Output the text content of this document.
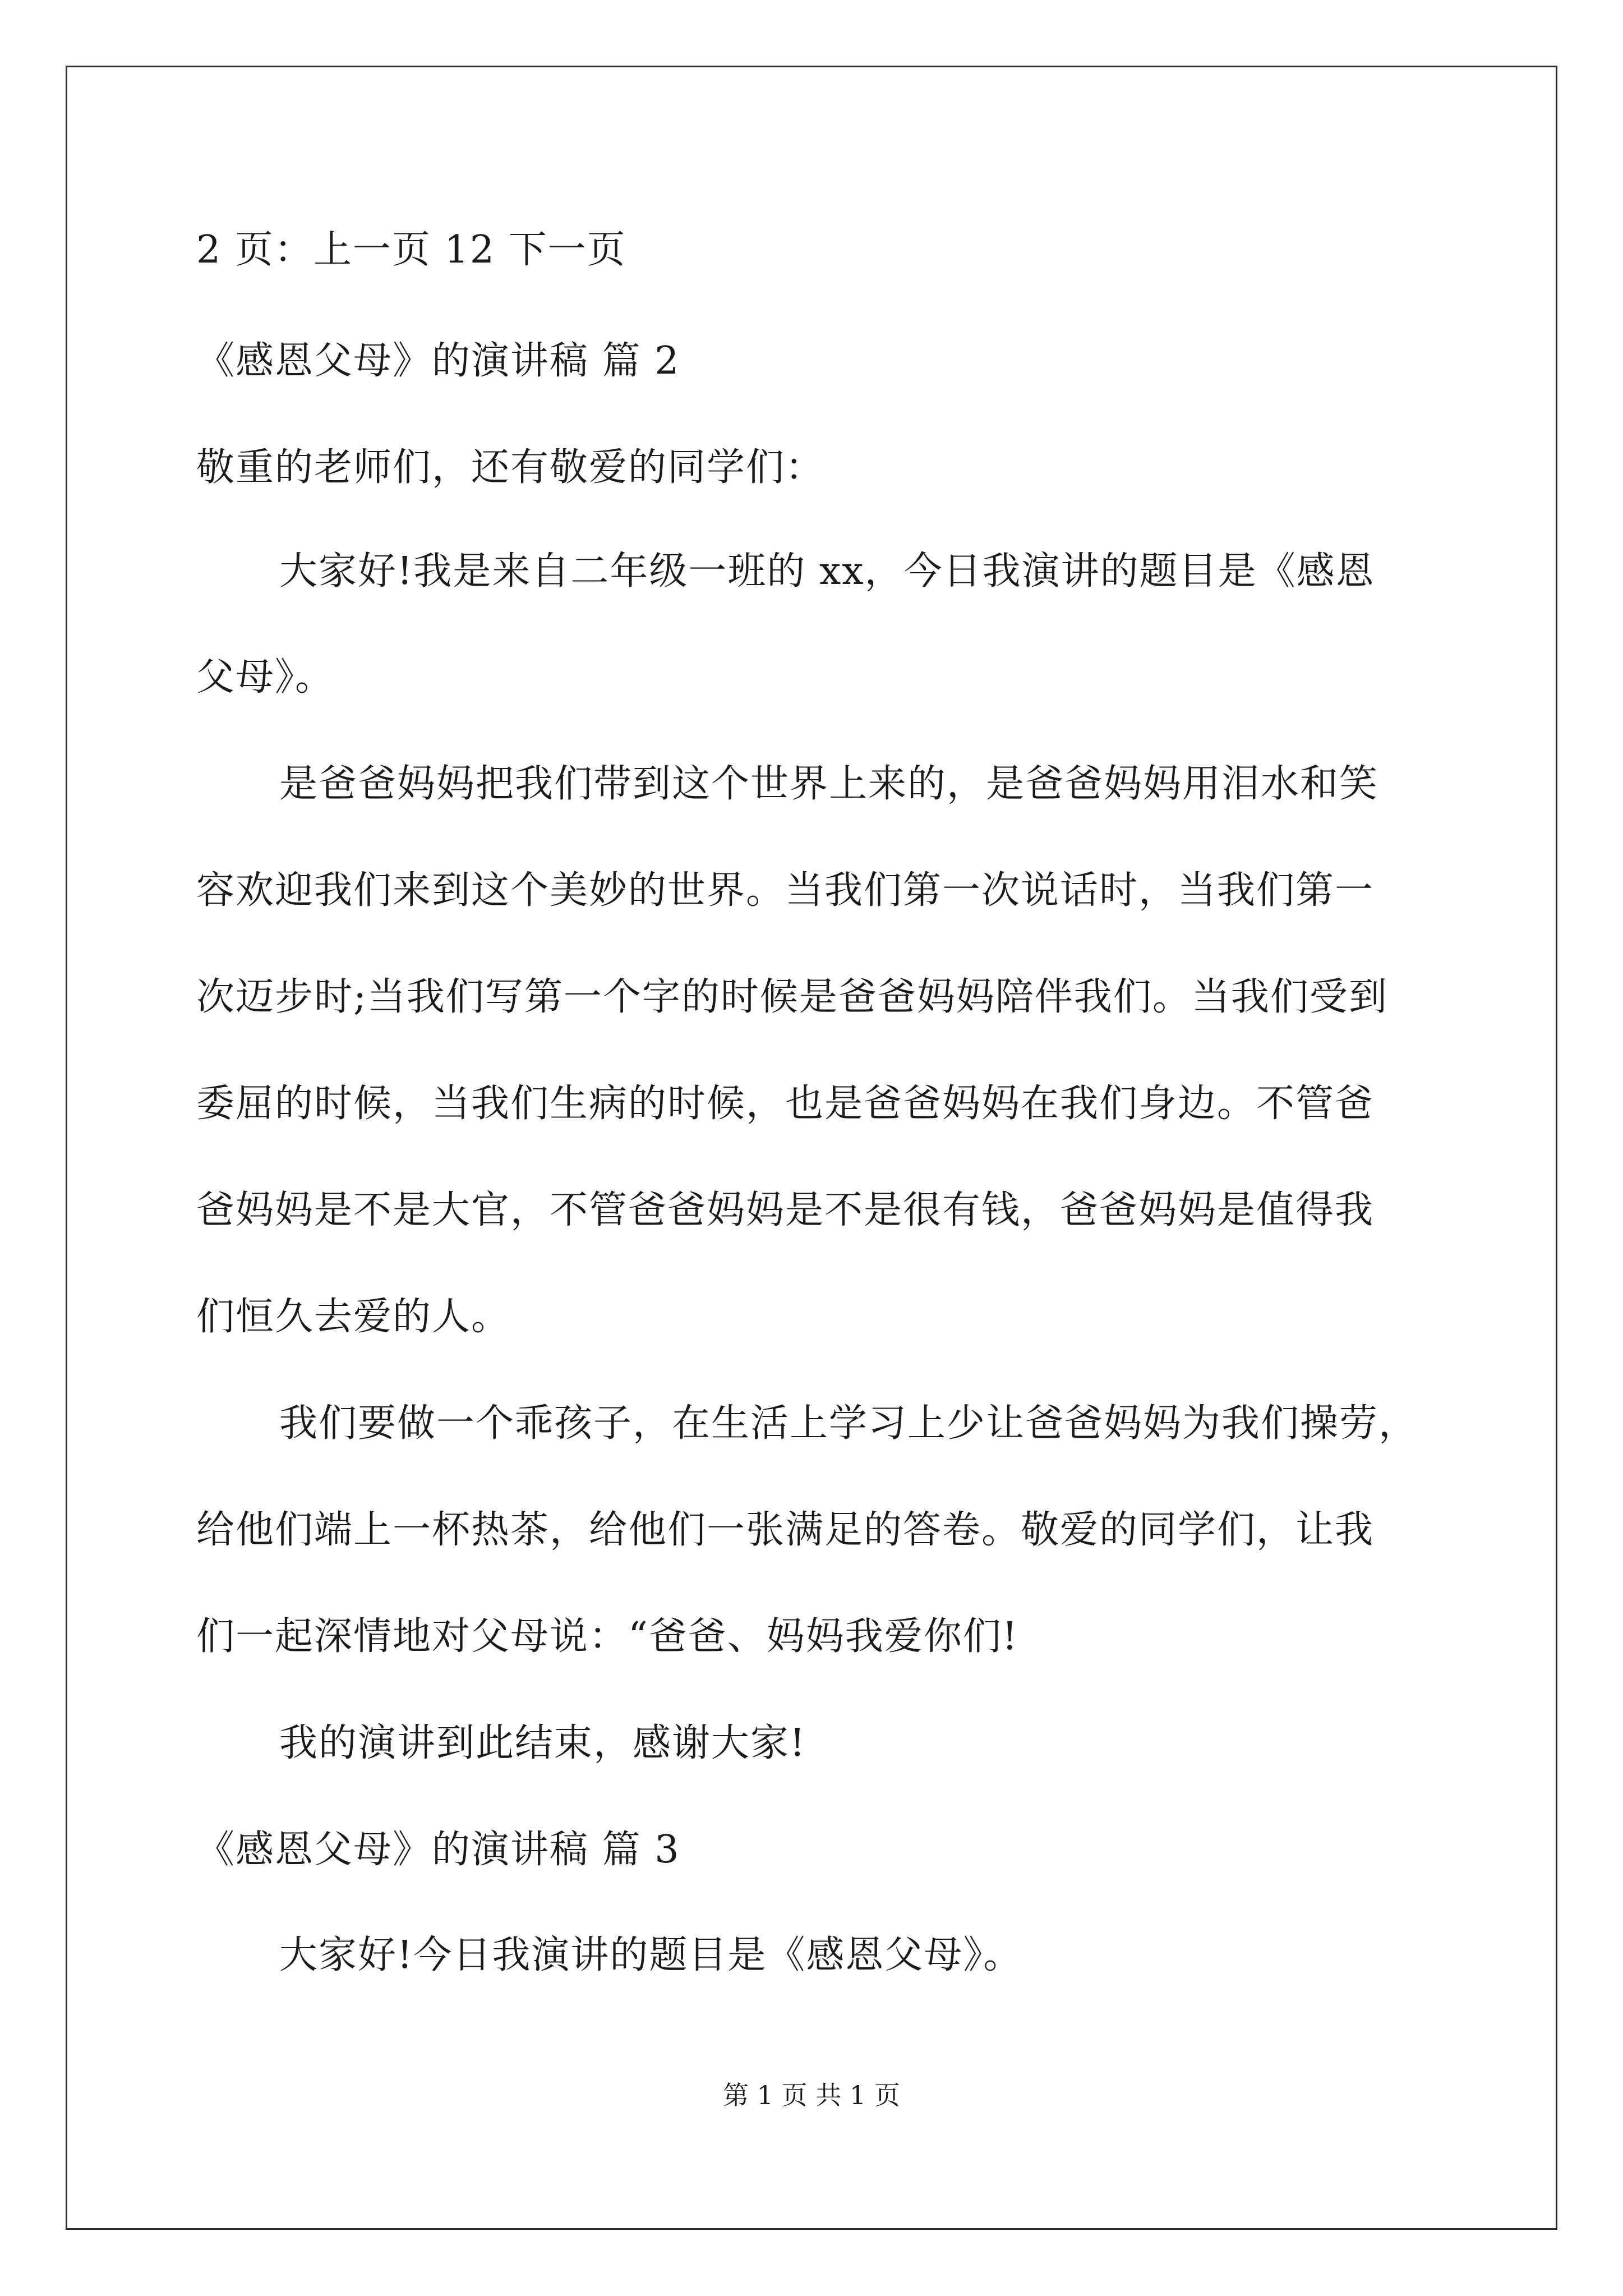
2 页：上一页 12 下一页
《感恩父母》的演讲稿 篇 2
敬重的老师们，还有敬爱的同学们：
大家好!我是来自二年级一班的 xx，今日我演讲的题目是《感恩
父母》。
是爸爸妈妈把我们带到这个世界上来的，是爸爸妈妈用泪水和笑
容欢迎我们来到这个美妙的世界。当我们第一次说话时，当我们第一
次迈步时;当我们写第一个字的时候是爸爸妈妈陪伴我们。当我们受到
委屈的时候，当我们生病的时候，也是爸爸妈妈在我们身边。不管爸
爸妈妈是不是大官，不管爸爸妈妈是不是很有钱，爸爸妈妈是值得我
们恒久去爱的人。
我们要做一个乖孩子，在生活上学习上少让爸爸妈妈为我们操劳，
给他们端上一杯热茶，给他们一张满足的答卷。敬爱的同学们，让我
们一起深情地对父母说：“爸爸、妈妈我爱你们!
我的演讲到此结束，感谢大家!
《感恩父母》的演讲稿 篇 3
大家好!今日我演讲的题目是《感恩父母》。
第 1 页 共 1 页
